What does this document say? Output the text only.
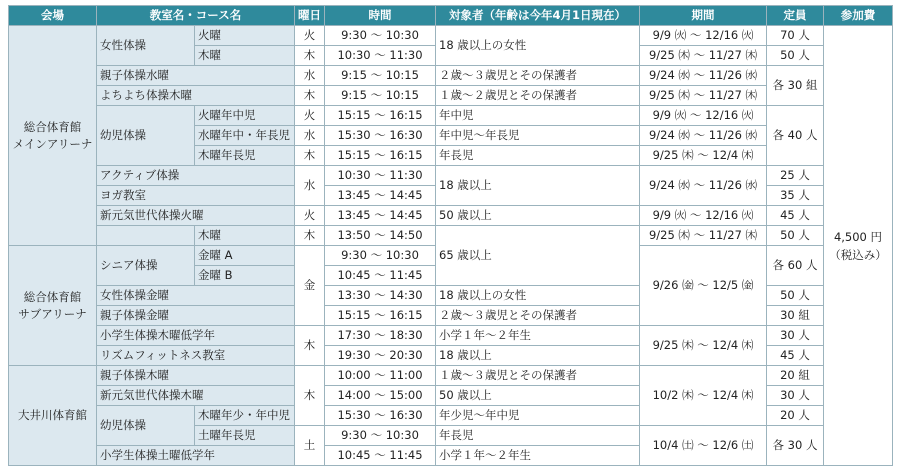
会場	教室名・コース名		曜日	時間	対象者（年齢は今年4月1日現在）	期間	定員	参加費
総合体育館
メインアリーナ	女性体操	火曜	火	9:30 ～ 10:30	18 歳以上の女性	9/9 ㈫ ～ 12/16 ㈫	70 人	4,500 円
（税込み）
		木曜	木	10:30 ～ 11:30		9/25 ㈭ ～ 11/27 ㈭	50 人	
	親子体操水曜		水	9:15 ～ 10:15	２歳～３歳児とその保護者	9/24 ㈬ ～ 11/26 ㈬	各 30 組	
	よちよち体操木曜		木	9:15 ～ 10:15	１歳～２歳児とその保護者	9/25 ㈭ ～ 11/27 ㈭		
	幼児体操	火曜年中児	火	15:15 ～ 16:15	年中児	9/9 ㈫ ～ 12/16 ㈫	各 40 人	
		水曜年中・年長児	水	15:30 ～ 16:30	年中児～年長児	9/24 ㈬ ～ 11/26 ㈬		
		木曜年長児	木	15:15 ～ 16:15	年長児	9/25 ㈭ ～ 12/4 ㈭		
	アクティブ体操		水	10:30 ～ 11:30	18 歳以上	9/24 ㈬ ～ 11/26 ㈬	25 人	
	ヨガ教室			13:45 ～ 14:45			35 人	
	新元気世代体操火曜		火	13:45 ～ 14:45	50 歳以上	9/9 ㈫ ～ 12/16 ㈫	45 人	
		木曜	木	13:50 ～ 14:50	65 歳以上	9/25 ㈭ ～ 11/27 ㈭	50 人	
総合体育館
サブアリーナ	シニア体操	金曜 A	金	9:30 ～ 10:30		9/26 ㈮ ～ 12/5 ㈮	各 60 人	
		金曜 B		10:45 ～ 11:45				
	女性体操金曜			13:30 ～ 14:30	18 歳以上の女性		50 人	
	親子体操金曜			15:15 ～ 16:15	２歳～３歳児とその保護者		30 組	
	小学生体操木曜低学年		木	17:30 ～ 18:30	小学１年～２年生	9/25 ㈭ ～ 12/4 ㈭	30 人	
	リズムフィットネス教室			19:30 ～ 20:30	18 歳以上		45 人	
大井川体育館	親子体操木曜		木	10:00 ～ 11:00	１歳～３歳児とその保護者	10/2 ㈭ ～ 12/4 ㈭	20 組	
	新元気世代体操木曜			14:00 ～ 15:00	50 歳以上		30 人	
	幼児体操	木曜年少・年中児		15:30 ～ 16:30	年少児～年中児		20 人	
		土曜年長児	土	9:30 ～ 10:30	年長児	10/4 ㈯ ～ 12/6 ㈯	各 30 人	
	小学生体操土曜低学年			10:45 ～ 11:45	小学１年～２年生			
